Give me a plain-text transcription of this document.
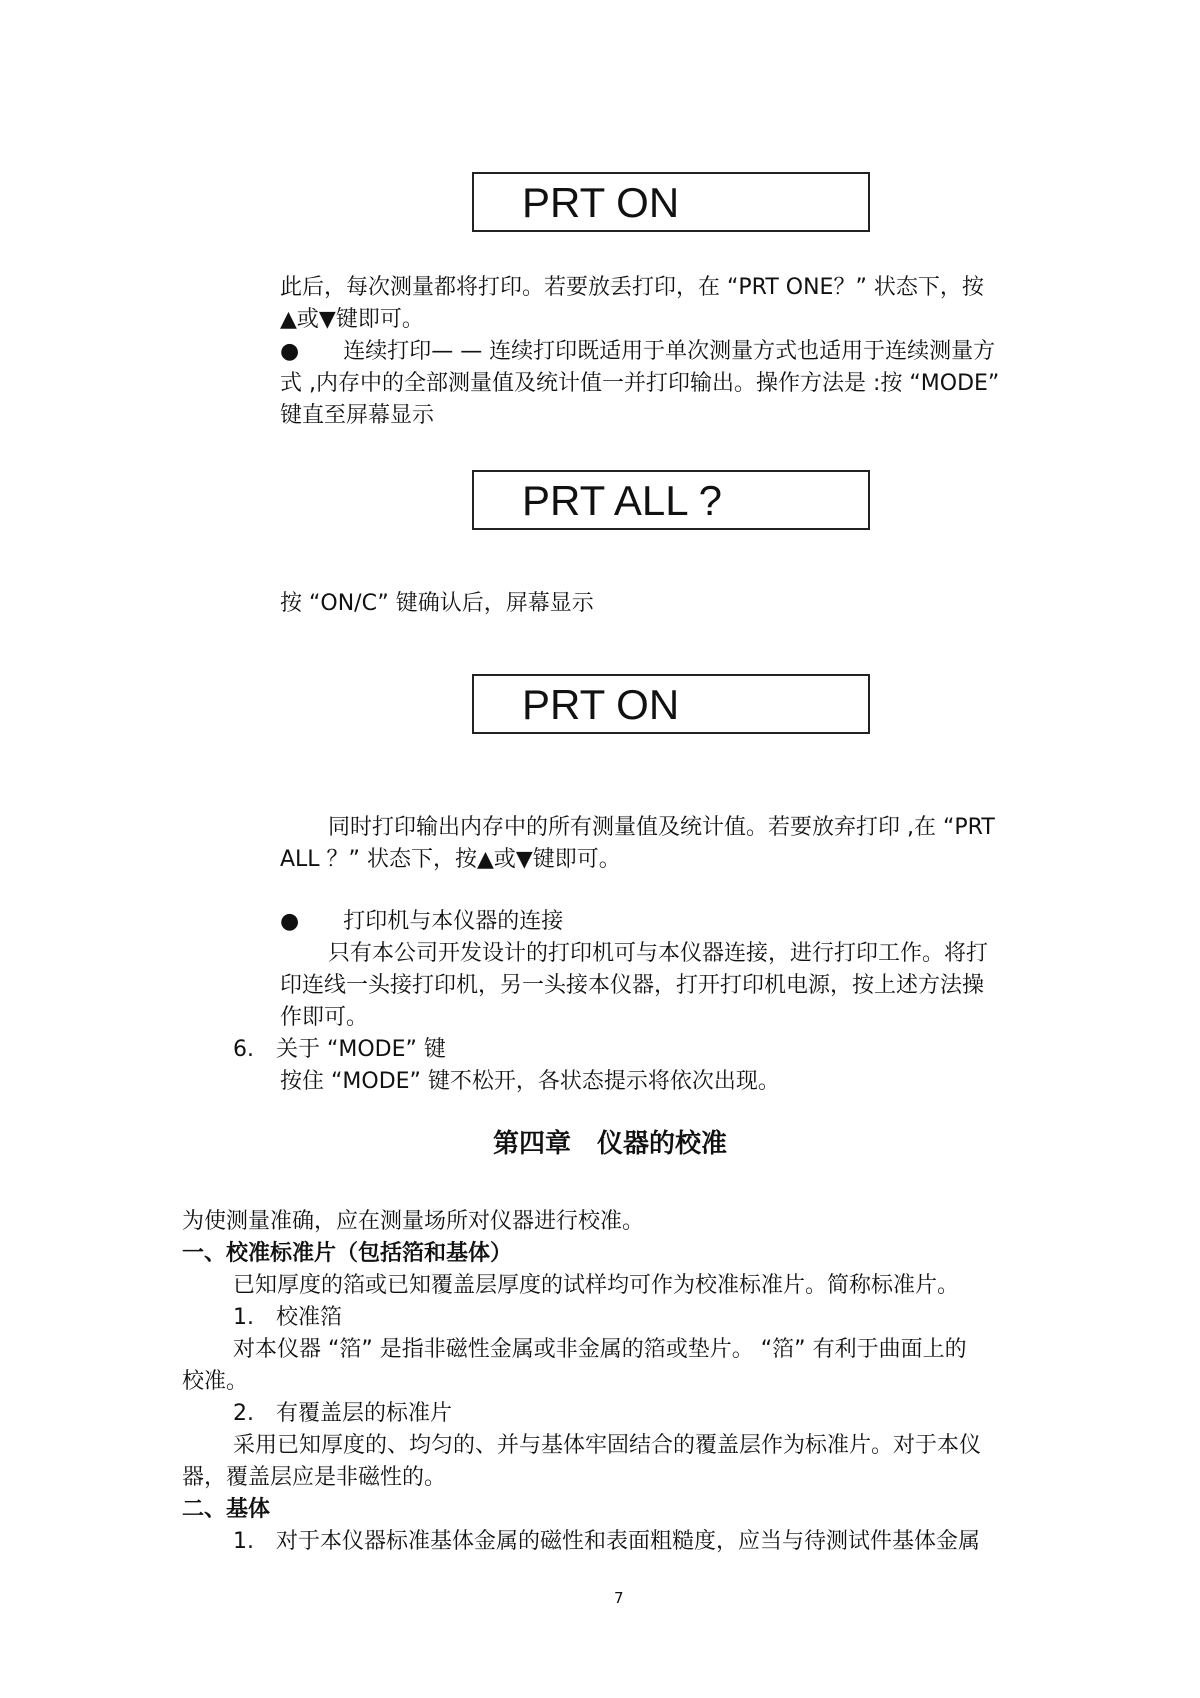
PRT ON
此后，每次测量都将打印。若要放丢打印，在 “PRT ONE？” 状态下，按
▲或▼键即可。
●　　连续打印— — 连续打印既适用于单次测量方式也适用于连续测量方
式 ,内存中的全部测量值及统计值一并打印输出。操作方法是 :按 “MODE”
键直至屏幕显示
PRT ALL ?
按 “ON/C” 键确认后，屏幕显示
PRT ON
同时打印输出内存中的所有测量值及统计值。若要放弃打印 ,在 “PRT
ALL ？” 状态下，按▲或▼键即可。
●　　打印机与本仪器的连接
只有本公司开发设计的打印机可与本仪器连接，进行打印工作。将打
印连线一头接打印机，另一头接本仪器，打开打印机电源，按上述方法操
作即可。
6.　关于 “MODE” 键
按住 “MODE” 键不松开，各状态提示将依次出现。
第四章　仪器的校准
为使测量准确，应在测量场所对仪器进行校准。
一、校准标准片（包括箔和基体）
已知厚度的箔或已知覆盖层厚度的试样均可作为校准标准片。简称标准片。
1.　校准箔
对本仪器 “箔” 是指非磁性金属或非金属的箔或垫片。 “箔” 有利于曲面上的
校准。
2.　有覆盖层的标准片
采用已知厚度的、均匀的、并与基体牢固结合的覆盖层作为标准片。对于本仪
器，覆盖层应是非磁性的。
二、基体
1.　对于本仪器标准基体金属的磁性和表面粗糙度，应当与待测试件基体金属
7
